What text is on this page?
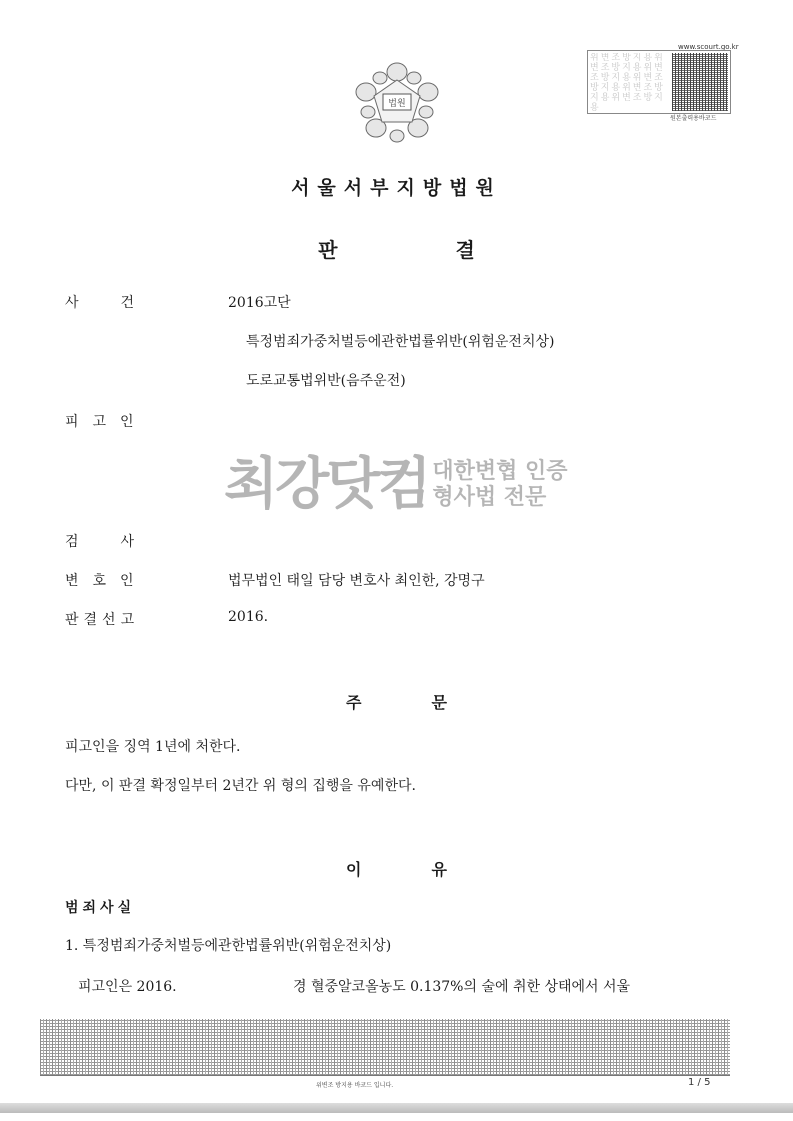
법원
www.scourt.go.kr
위변조방지용위변조방지용위변조방지용위변조방지용위변조방지용위변조방지용
원본출력용바코드
서울서부지방법원
판	결
사　　　건	2016고단
특정범죄가중처벌등에관한법률위반(위험운전치상)
도로교통법위반(음주운전)
피　고　인
최강닷컴 대한변협 인증
형사법 전문
검　　　사
변　호　인	법무법인 태일 담당 변호사 최인한, 강명구
판결선고	2016.
주	문
피고인을 징역 1년에 처한다.
다만, 이 판결 확정일부터 2년간 위 형의 집행을 유예한다.
이	유
범죄사실
1. 특정범죄가중처벌등에관한법률위반(위험운전치상)
피고인은 2016.	경 혈중알코올농도 0.137%의 술에 취한 상태에서 서울
위변조 방지용 바코드 입니다.	1 / 5
